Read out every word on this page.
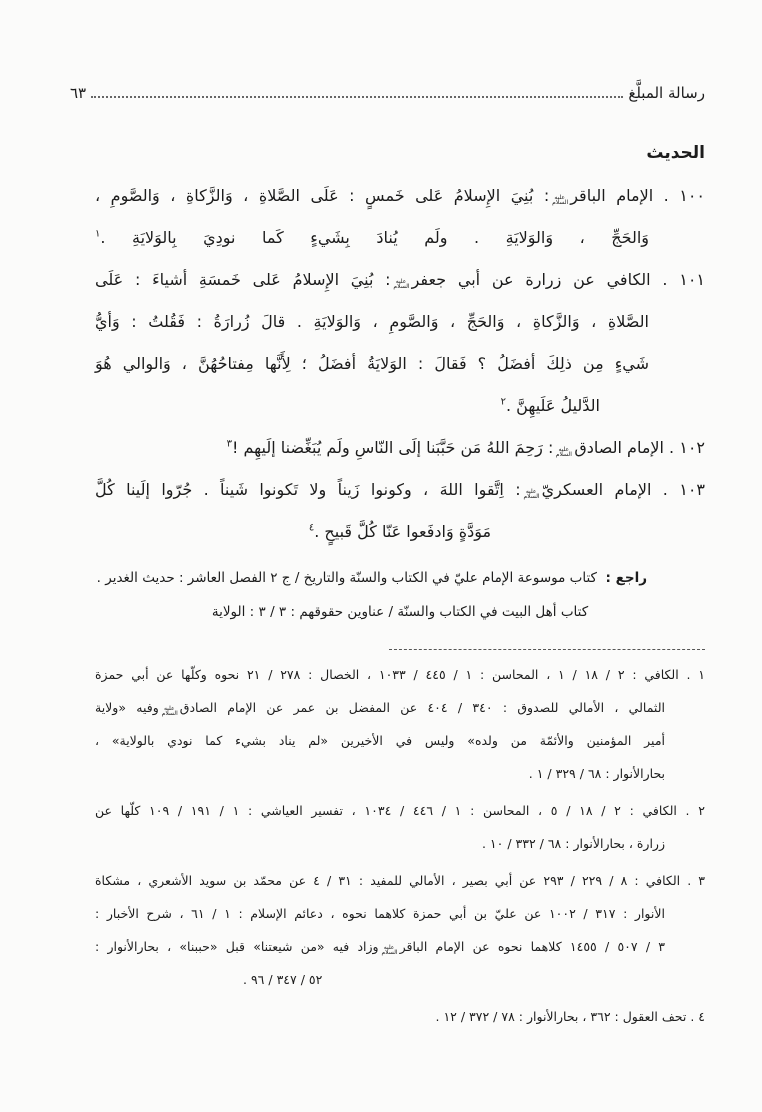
رسالة المبلَّغ
٦٣
الحديث
١٠٠ . الإمام الباقرعليه السلام: بُنِيَ الإِسلامُ عَلى خَمسٍ : عَلَى الصَّلاةِ ، وَالزَّكاةِ ، وَالصَّومِ ،
وَالحَجِّ ، وَالوَلايَةِ . ولَم يُنادَ بِشَيءٍ كَما نودِيَ بِالوَلايَةِ .$^١$
١٠١ . الكافي عن زرارة عن أبي جعفرعليه السلام: بُنِيَ الإِسلامُ عَلى خَمسَةِ أشياءَ : عَلَى
الصَّلاةِ ، وَالزَّكاةِ ، وَالحَجِّ ، وَالصَّومِ ، وَالوَلايَةِ . قالَ زُرارَةُ : فَقُلتُ : وَأيُّ
شَيءٍ مِن ذلِكَ أفضَلُ ؟ فَقالَ : الوَلايَةُ أفضَلُ ؛ لِأَنَّها مِفتاحُهُنَّ ، وَالوالي هُوَ
الدَّليلُ عَلَيهِنَّ .$^٢$
١٠٢ . الإمام الصادقعليه السلام: رَحِمَ اللهُ مَن حَبَّبَنا إلَى النّاسِ ولَم يُبَغِّضنا إلَيهِم !$^٣$
١٠٣ . الإمام العسكريّعليه السلام: اِتَّقوا اللهَ ، وكونوا زَيناً ولا تَكونوا شَيناً . جُرّوا إلَينا كُلَّ
مَوَدَّةٍ وَادفَعوا عَنّا كُلَّ قَبيحٍ .$^٤$
راجع :  كتاب موسوعة الإمام عليّ في الكتاب والسنّة والتاريخ / ج ٢ الفصل العاشر : حديث الغدير .
كتاب أهل البيت في الكتاب والسنّة / عناوين حقوقهم : ٣ / ٣ : الولاية
١ . الكافي : ٢ / ١٨ / ١ ، المحاسن : ١ / ٤٤٥ / ١٠٣٣ ، الخصال : ٢٧٨ / ٢١ نحوه وكلّها عن أبي حمزة
الثمالي ، الأمالي للصدوق : ٣٤٠ / ٤٠٤ عن المفضل بن عمر عن الإمام الصادقعليه السلاموفيه «ولاية
أمير المؤمنين والأئمّة من ولده» وليس في الأخيرين «لم يناد بشيء كما نودي بالولاية» ،
بحارالأنوار : ٦٨ / ٣٢٩ / ١ .
٢ . الكافي : ٢ / ١٨ / ٥ ، المحاسن : ١ / ٤٤٦ / ١٠٣٤ ، تفسير العياشي : ١ / ١٩١ / ١٠٩ كلّها عن
زرارة ، بحارالأنوار : ٦٨ / ٣٣٢ / ١٠ .
٣ . الكافي : ٨ / ٢٢٩ / ٢٩٣ عن أبي بصير ، الأمالي للمفيد : ٣١ / ٤ عن محمّد بن سويد الأشعري ، مشكاة
الأنوار : ٣١٧ / ١٠٠٢ عن عليّ بن أبي حمزة كلاهما نحوه ، دعائم الإسلام : ١ / ٦١ ، شرح الأخبار :
٣ / ٥٠٧ / ١٤٥٥ كلاهما نحوه عن الإمام الباقرعليه السلاموزاد فيه «من شيعتنا» قبل «حببنا» ، بحارالأنوار :
٥٢ / ٣٤٧ / ٩٦ .
٤ . تحف العقول : ٣٦٢ ، بحارالأنوار : ٧٨ / ٣٧٢ / ١٢ .
